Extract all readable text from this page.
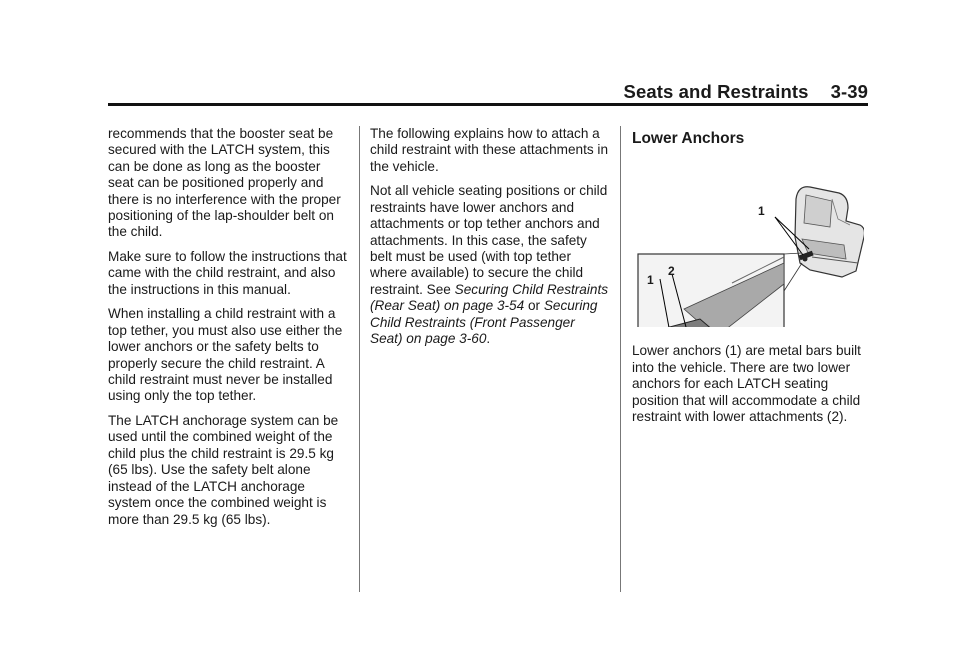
Seats and Restraints 3-39

recommends that the booster seat be secured with the LATCH system, this can be done as long as the booster seat can be positioned properly and there is no interference with the proper positioning of the lap-shoulder belt on the child.

Make sure to follow the instructions that came with the child restraint, and also the instructions in this manual.

When installing a child restraint with a top tether, you must also use either the lower anchors or the safety belts to properly secure the child restraint. A child restraint must never be installed using only the top tether.

The LATCH anchorage system can be used until the combined weight of the child plus the child restraint is 29.5 kg (65 lbs). Use the safety belt alone instead of the LATCH anchorage system once the combined weight is more than 29.5 kg (65 lbs).

The following explains how to attach a child restraint with these attachments in the vehicle.

Not all vehicle seating positions or child restraints have lower anchors and attachments or top tether anchors and attachments. In this case, the safety belt must be used (with top tether where available) to secure the child restraint. See Securing Child Restraints (Rear Seat) on page 3-54 or Securing Child Restraints (Front Passenger Seat) on page 3-60.

Lower Anchors
1
2
1

Lower anchors (1) are metal bars built into the vehicle. There are two lower anchors for each LATCH seating position that will accommodate a child restraint with lower attachments (2).
